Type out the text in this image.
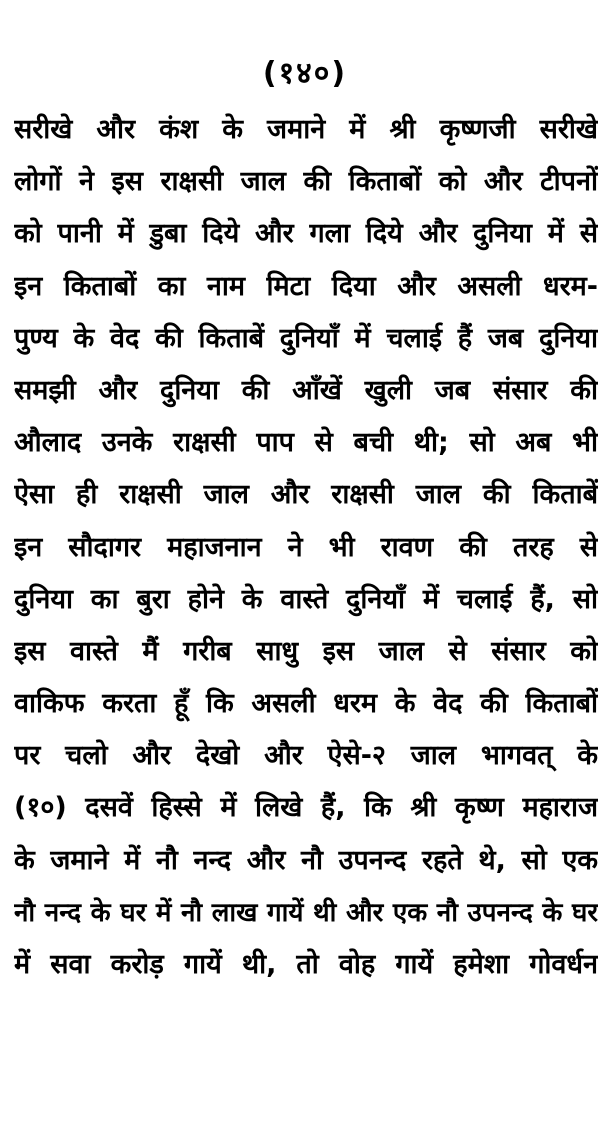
(१४०)
सरीखे और कंश के जमाने में श्री कृष्णजी सरीखे
लोगों ने इस राक्षसी जाल की किताबों को और टीपनों
को पानी में डुबा दिये और गला दिये और दुनिया में से
इन किताबों का नाम मिटा दिया और असली धरम-
पुण्य के वेद की किताबें दुनियाँ में चलाई हैं जब दुनिया
समझी और दुनिया की आँखें खुली जब संसार की
औलाद उनके राक्षसी पाप से बची थी; सो अब भी
ऐसा ही राक्षसी जाल और राक्षसी जाल की किताबें
इन सौदागर महाजनान ने भी रावण की तरह से
दुनिया का बुरा होने के वास्ते दुनियाँ में चलाई हैं, सो
इस वास्ते मैं गरीब साधु इस जाल से संसार को
वाकिफ करता हूँ कि असली धरम के वेद की किताबों
पर चलो और देखो और ऐसे-२ जाल भागवत् के
(१०) दसवें हिस्से में लिखे हैं, कि श्री कृष्ण महाराज
के जमाने में नौ नन्द और नौ उपनन्द रहते थे, सो एक
नौ नन्द के घर में नौ लाख गायें थी और एक नौ उपनन्द के घर
में सवा करोड़ गायें थी, तो वोह गायें हमेशा गोवर्धन
